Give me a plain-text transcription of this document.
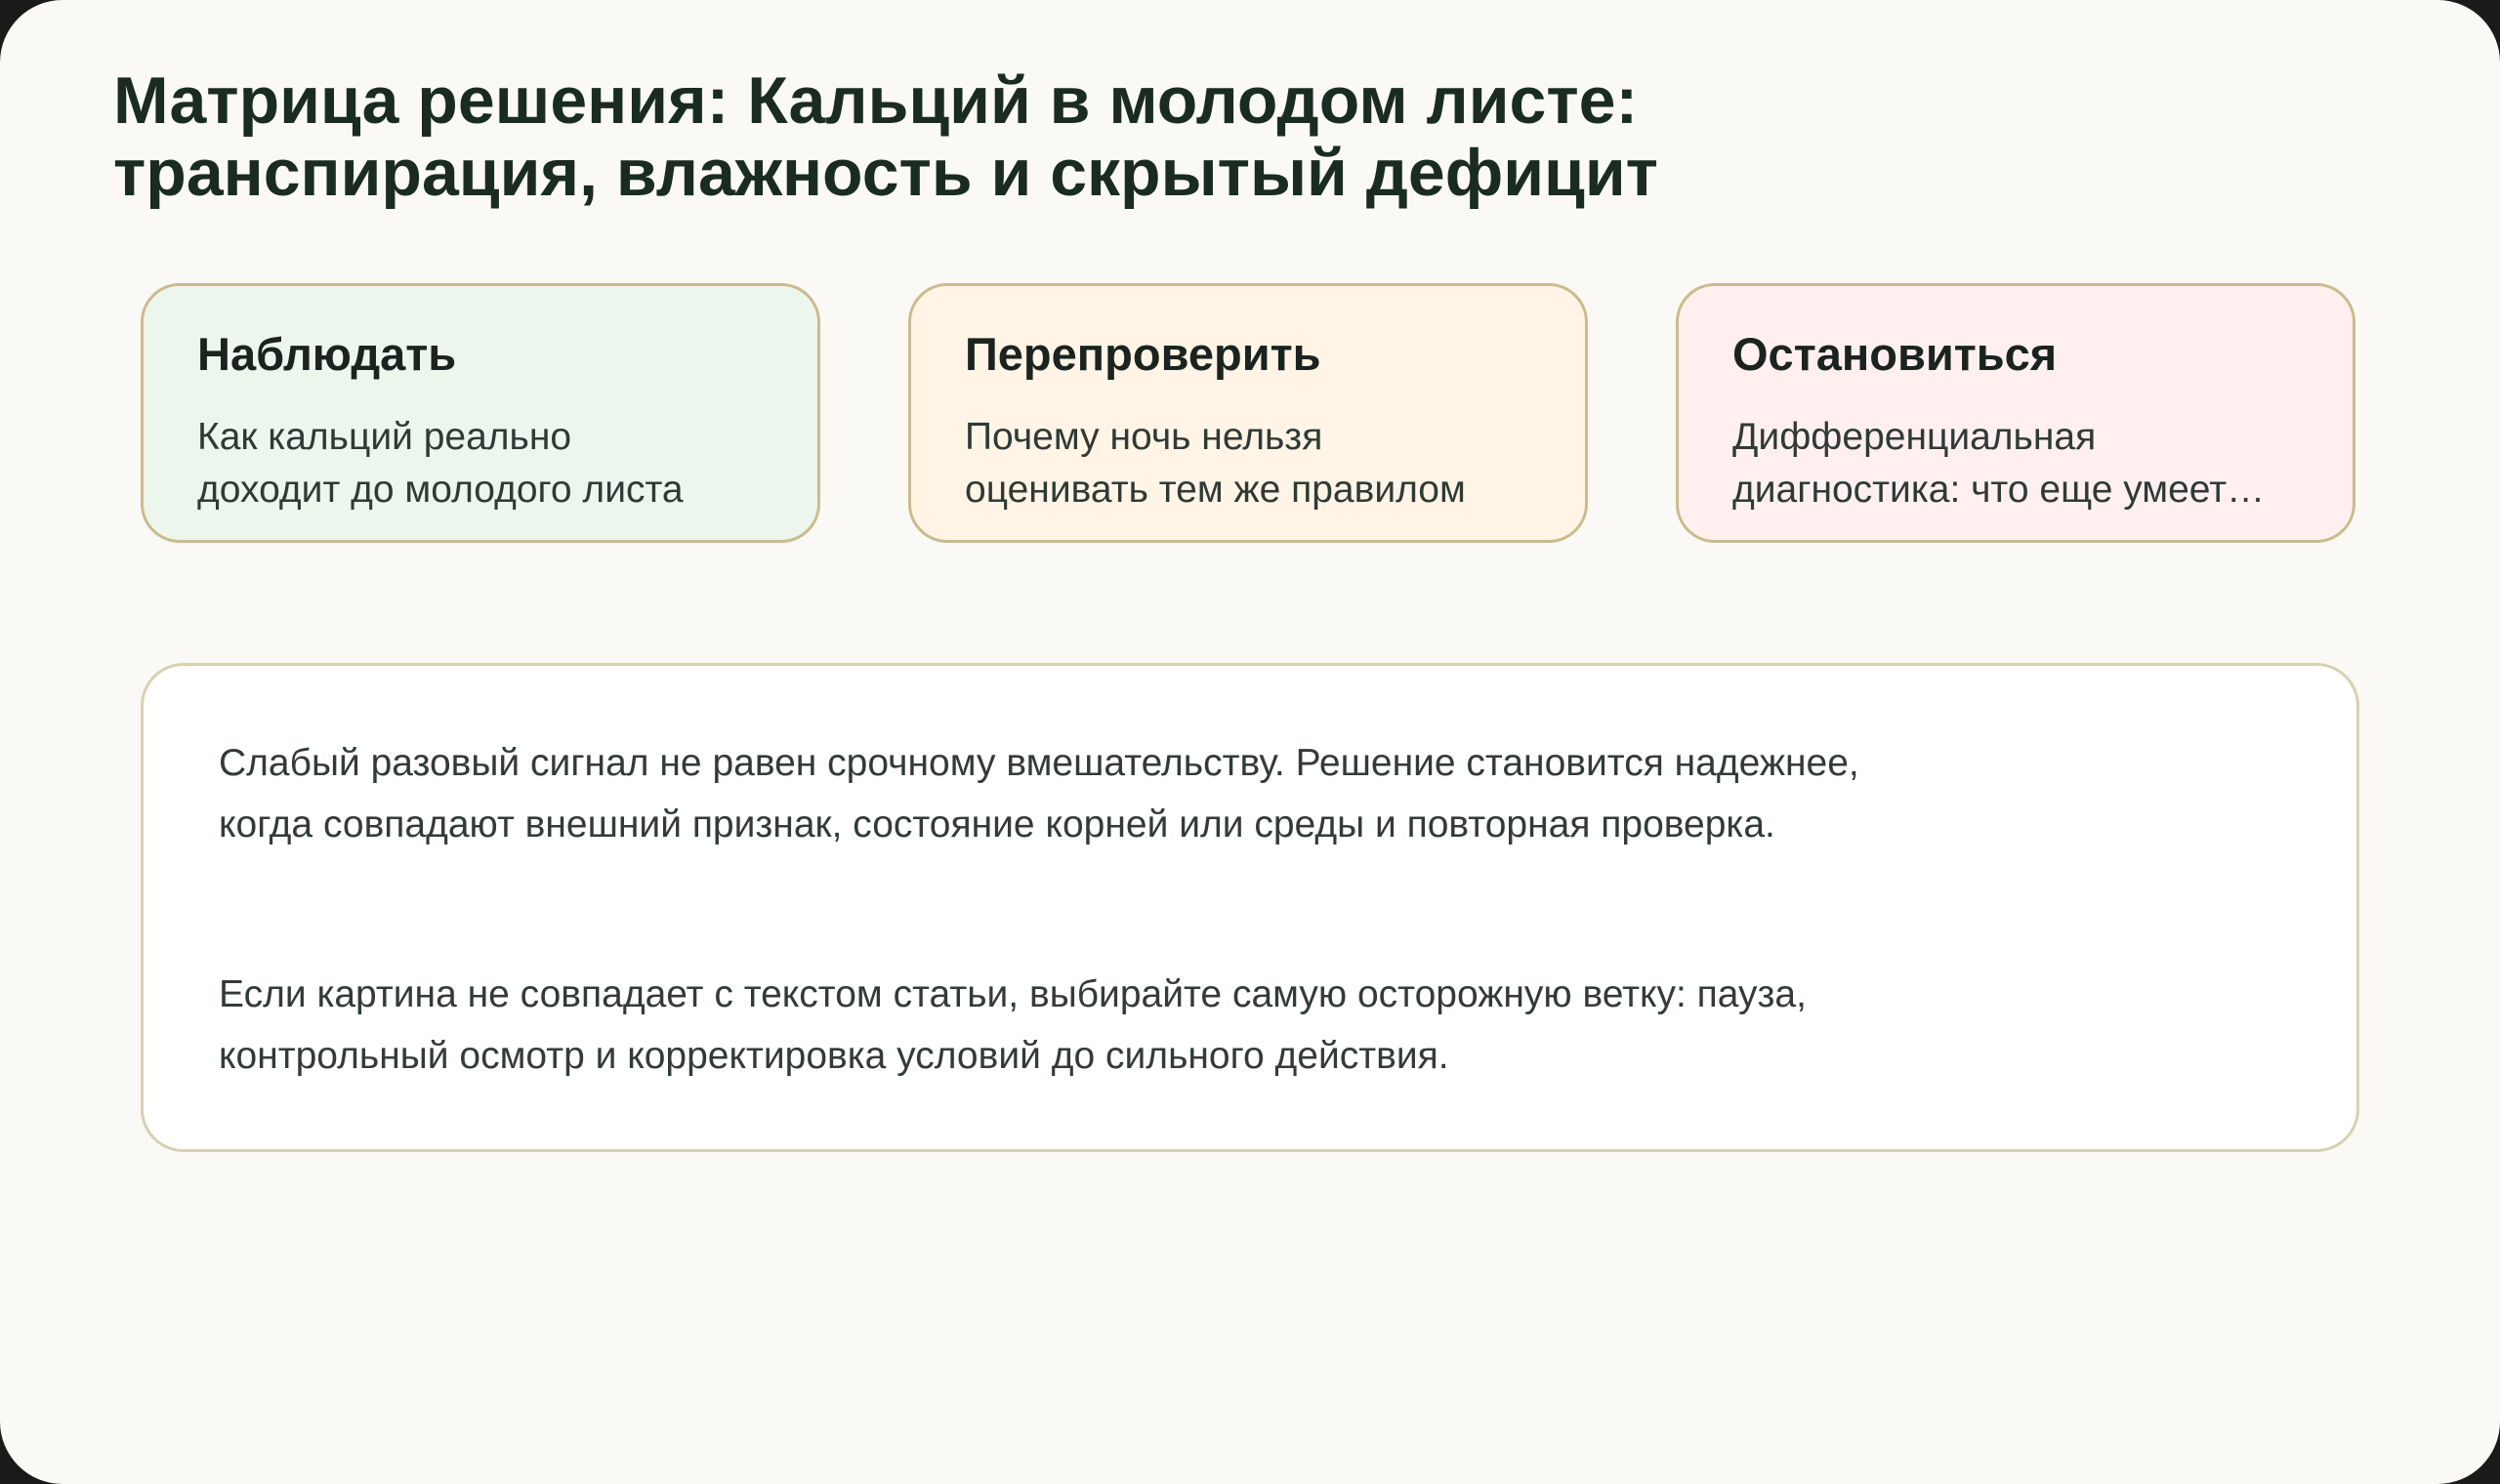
Матрица решения: Кальций в молодом листе:
транспирация, влажность и скрытый дефицит
Наблюдать

Как кальций реально
доходит до молодого листа

Перепроверить

Почему ночь нельзя
оценивать тем же правилом

Остановиться

Дифференциальная
диагностика: что еще умеет…

Слабый разовый сигнал не равен срочному вмешательству. Решение становится надежнее,
когда совпадают внешний признак, состояние корней или среды и повторная проверка.

Если картина не совпадает с текстом статьи, выбирайте самую осторожную ветку: пауза,
контрольный осмотр и корректировка условий до сильного действия.
